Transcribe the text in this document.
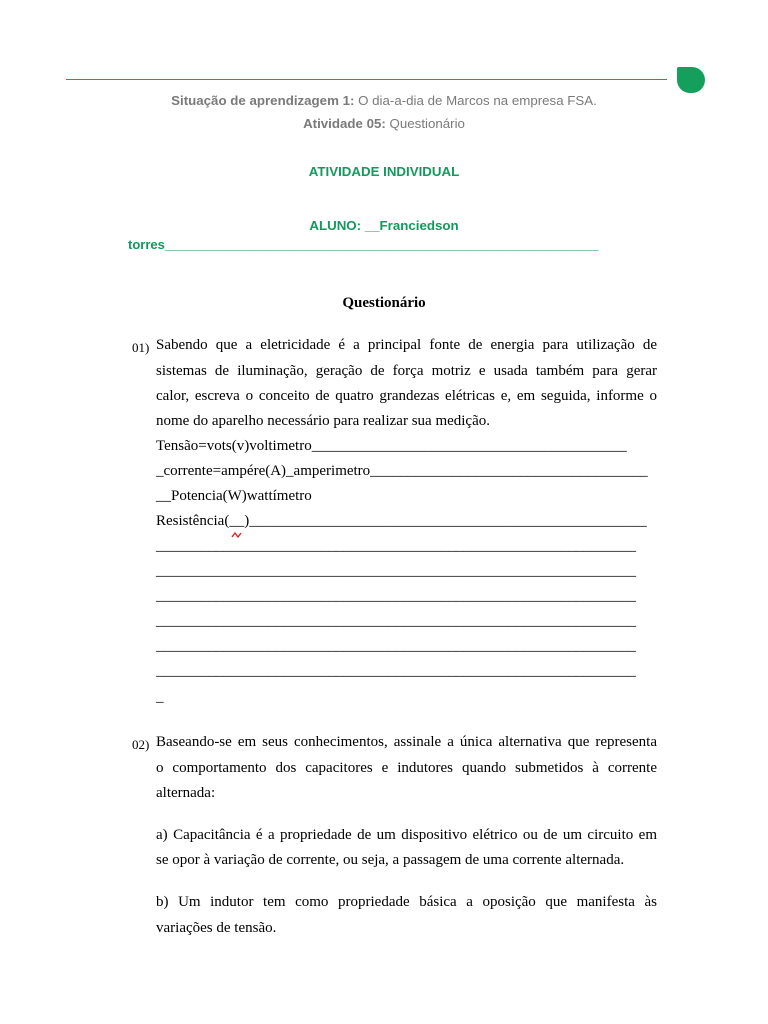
Situação de aprendizagem 1: O dia-a-dia de Marcos na empresa FSA.
Atividade 05: Questionário
ATIVIDADE INDIVIDUAL
ALUNO: __Franciedson
torres____________________________________________________________
Questionário
01) Sabendo que a eletricidade é a principal fonte de energia para utilização de
sistemas de iluminação, geração de força motriz e usada também para gerar
calor, escreva o conceito de quatro grandezas elétricas e, em seguida, informe o
nome do aparelho necessário para realizar sua medição.
Tensão=vots(v)voltimetro__________________________________________
_corrente=ampére(A)_amperimetro_____________________________________
__Potencia(W)wattímetro
Resistência(__)_____________________________________________________
________________________________________________________________
________________________________________________________________
________________________________________________________________
________________________________________________________________
________________________________________________________________
________________________________________________________________
_
02) Baseando-se em seus conhecimentos, assinale a única alternativa que representa
o comportamento dos capacitores e indutores quando submetidos à corrente
alternada:
a) Capacitância é a propriedade de um dispositivo elétrico ou de um circuito em
se opor à variação de corrente, ou seja, a passagem de uma corrente alternada.
b) Um indutor tem como propriedade básica a oposição que manifesta às
variações de tensão.
